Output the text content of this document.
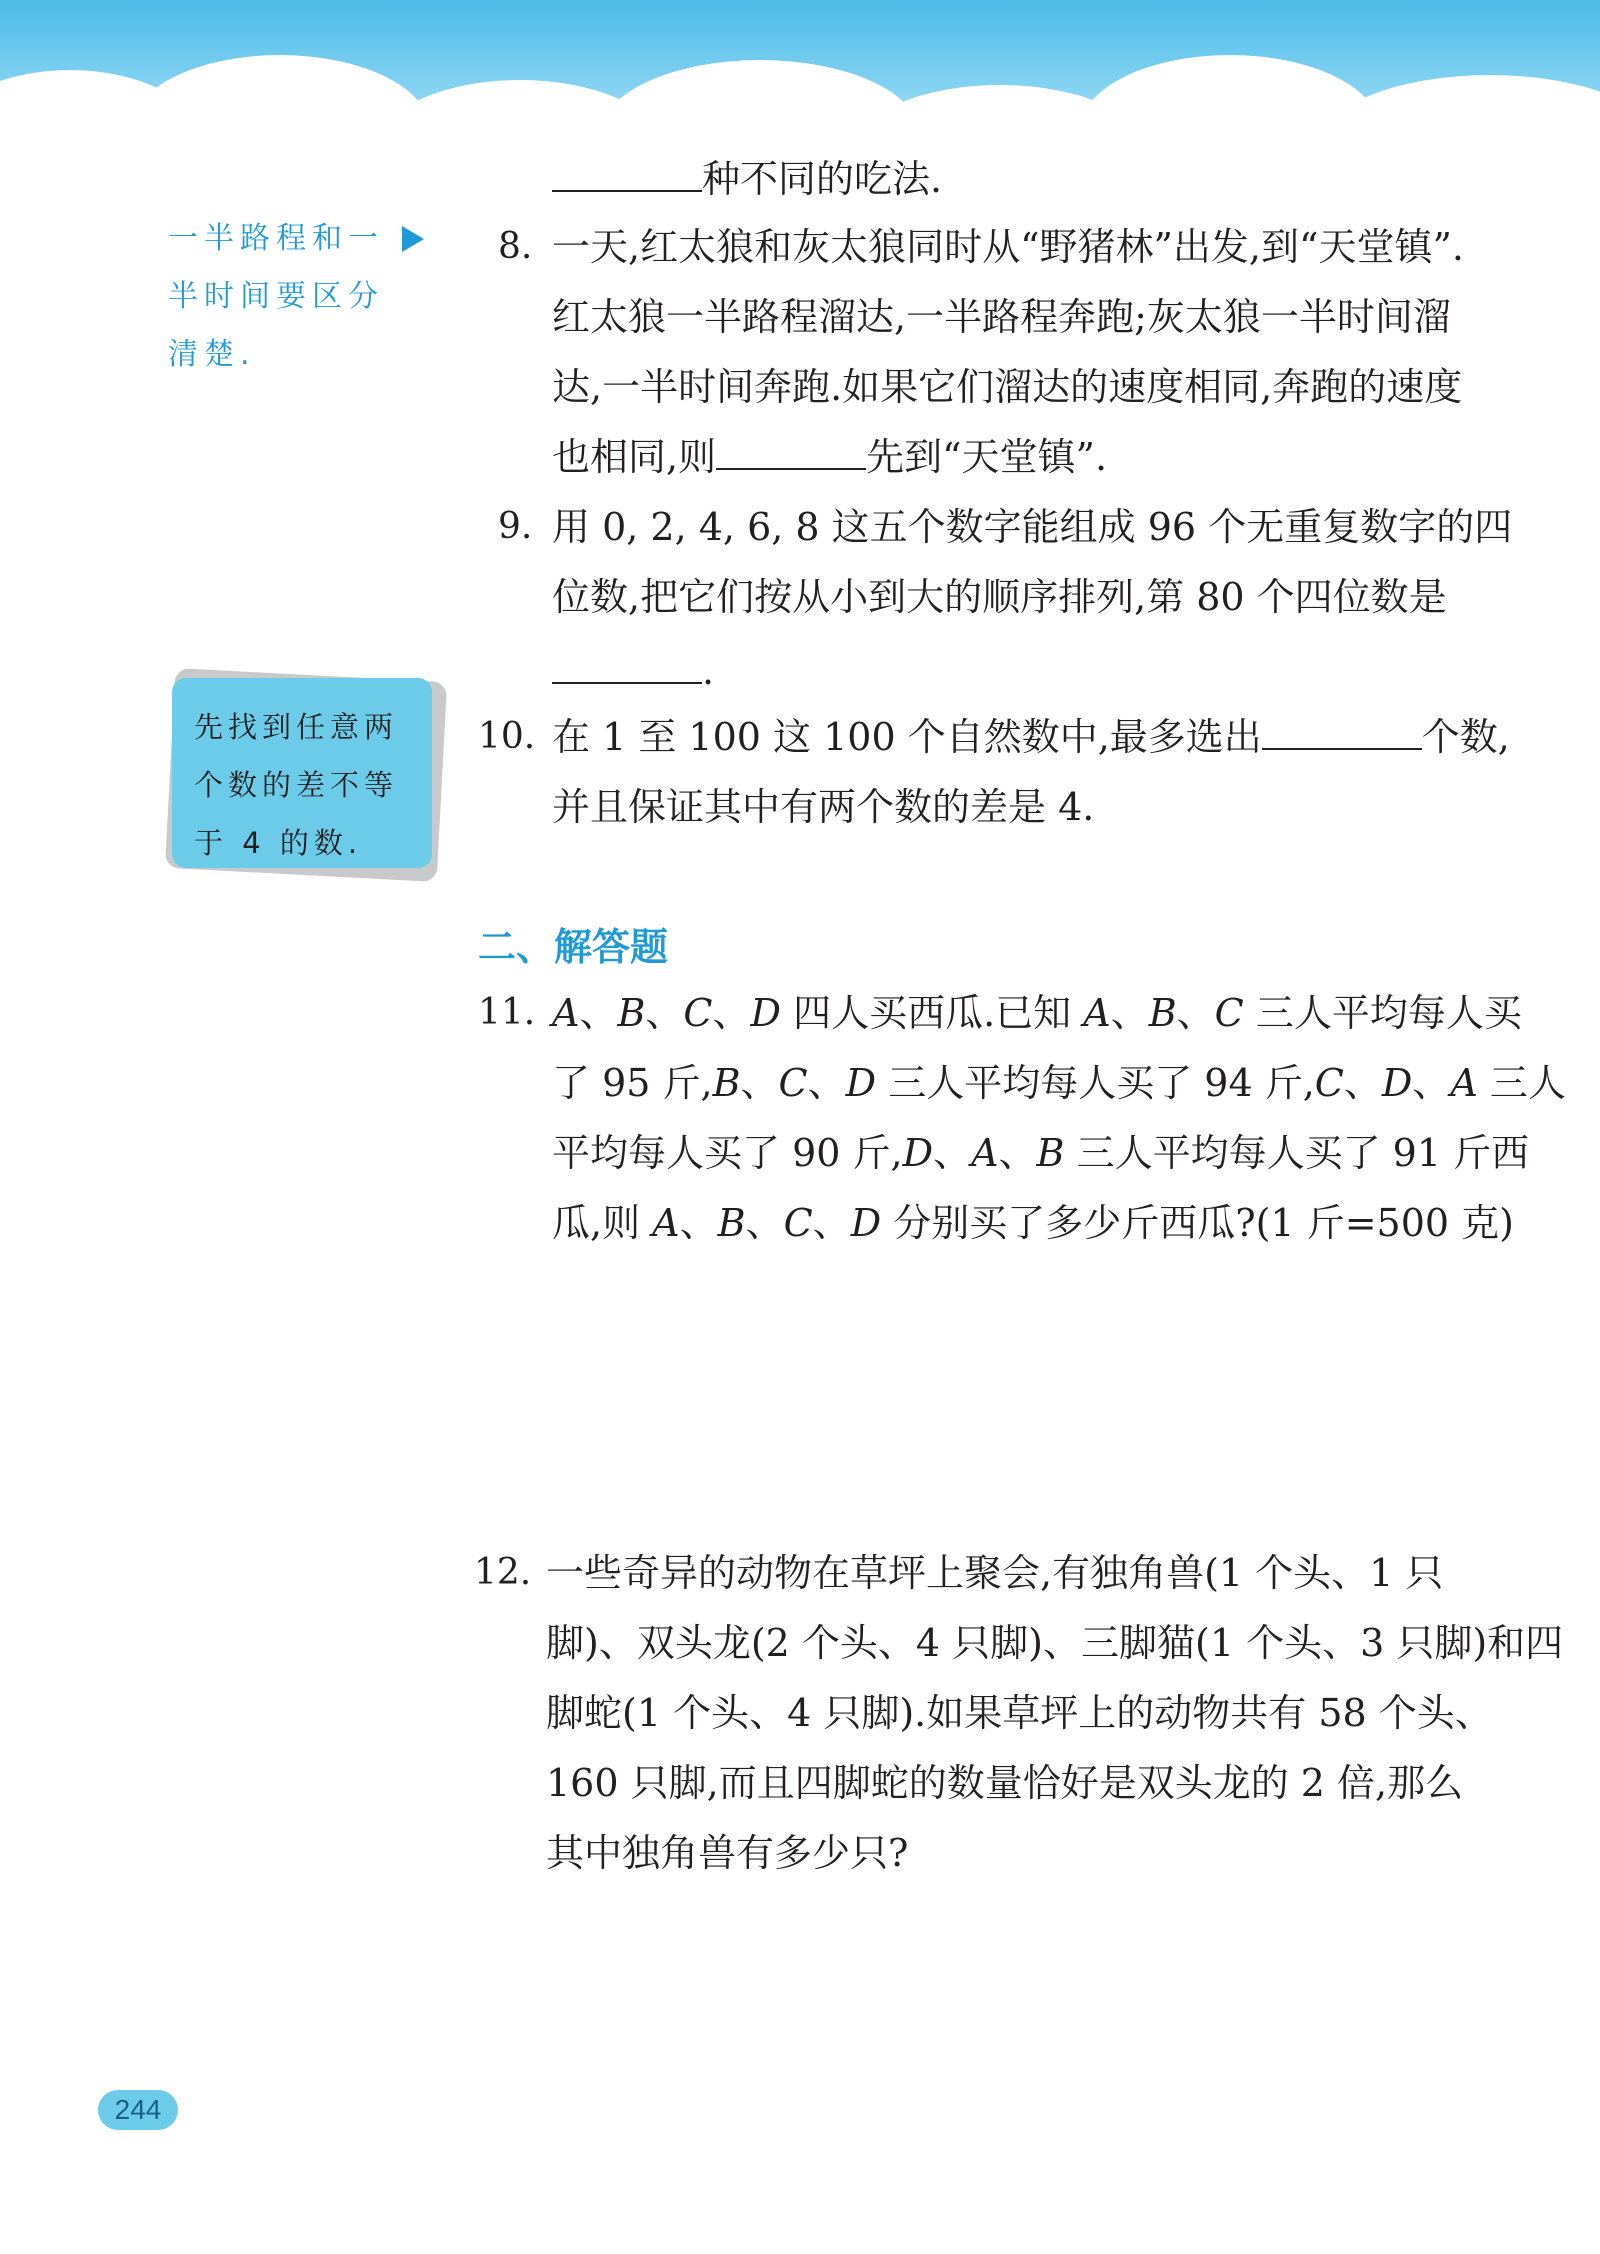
种不同的吃法.
一半路程和一
半时间要区分
清楚.
8. 一天,红太狼和灰太狼同时从“野猪林”出发,到“天堂镇”.
红太狼一半路程溜达,一半路程奔跑;灰太狼一半时间溜
达,一半时间奔跑.如果它们溜达的速度相同,奔跑的速度
也相同,则	先到“天堂镇”.
9. 用 0, 2, 4, 6, 8 这五个数字能组成 96 个无重复数字的四
位数,把它们按从小到大的顺序排列,第 80 个四位数是
.
先找到任意两
个数的差不等
于 4 的数.
10. 在 1 至 100 这 100 个自然数中,最多选出	个数,
并且保证其中有两个数的差是 4.
二、解答题
11. A、B、C、D 四人买西瓜.已知 A、B、C 三人平均每人买
了 95 斤,B、C、D 三人平均每人买了 94 斤,C、D、A 三人
平均每人买了 90 斤,D、A、B 三人平均每人买了 91 斤西
瓜,则 A、B、C、D 分别买了多少斤西瓜?(1 斤=500 克)
12. 一些奇异的动物在草坪上聚会,有独角兽(1 个头、1 只
脚)、双头龙(2 个头、4 只脚)、三脚猫(1 个头、3 只脚)和四
脚蛇(1 个头、4 只脚).如果草坪上的动物共有 58 个头、
160 只脚,而且四脚蛇的数量恰好是双头龙的 2 倍,那么
其中独角兽有多少只?
244
